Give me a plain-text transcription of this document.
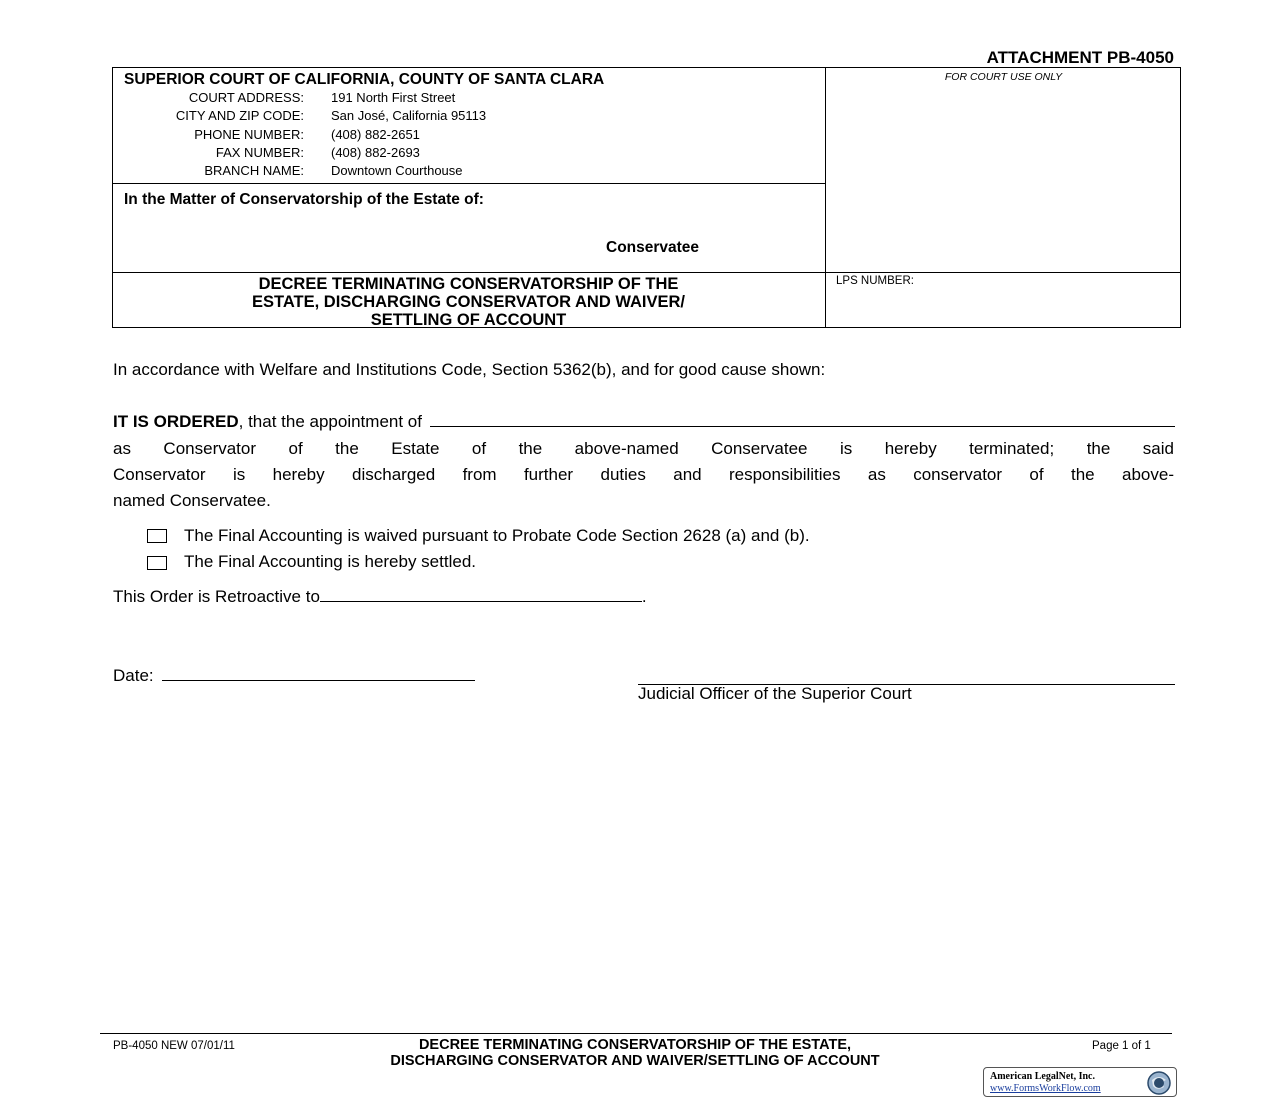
ATTACHMENT PB-4050
SUPERIOR COURT OF CALIFORNIA, COUNTY OF SANTA CLARA
COURT ADDRESS: 191 North First Street
CITY AND ZIP CODE: San José, California 95113
PHONE NUMBER: (408) 882-2651
FAX NUMBER: (408) 882-2693
BRANCH NAME: Downtown Courthouse
FOR COURT USE ONLY
In the Matter of Conservatorship of the Estate of:
Conservatee
DECREE TERMINATING CONSERVATORSHIP OF THE
ESTATE, DISCHARGING CONSERVATOR AND WAIVER/
SETTLING OF ACCOUNT
LPS NUMBER:
In accordance with Welfare and Institutions Code, Section 5362(b), and for good cause shown:
IT IS ORDERED , that the appointment of
as Conservator of the Estate of the above-named Conservatee is hereby terminated; the said
Conservator is hereby discharged from further duties and responsibilities as conservator of the above-
named Conservatee.
The Final Accounting is waived pursuant to Probate Code Section 2628 (a) and (b).
The Final Accounting is hereby settled.
This Order is Retroactive to	.
Date:
Judicial Officer of the Superior Court
PB-4050 NEW 07/01/11	DECREE TERMINATING CONSERVATORSHIP OF THE ESTATE,
DISCHARGING CONSERVATOR AND WAIVER/SETTLING OF ACCOUNT
Page 1 of 1
American LegalNet, Inc.
www.FormsWorkFlow.com
